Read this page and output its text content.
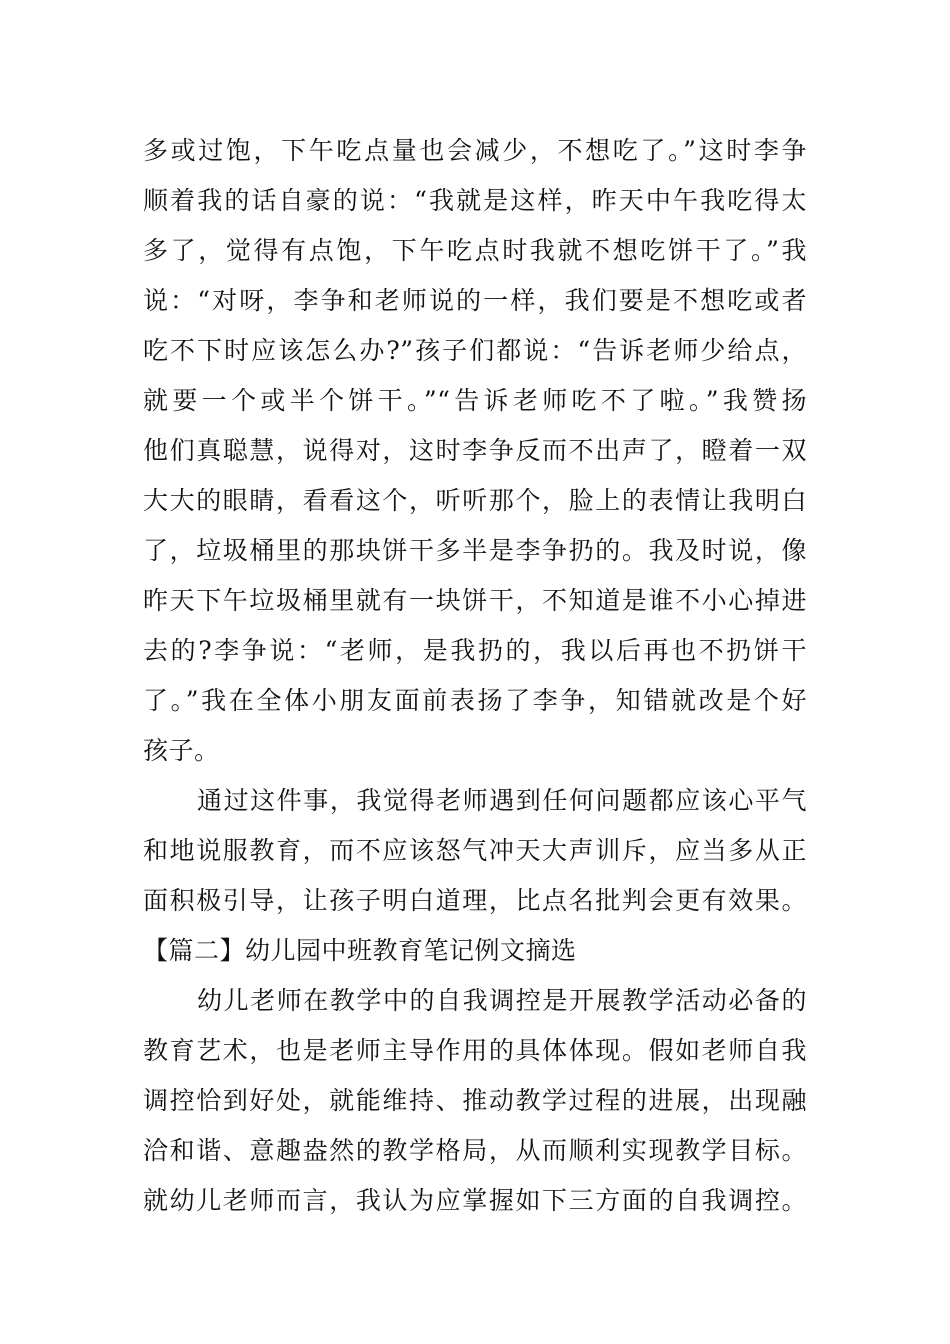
多或过饱，下午吃点量也会减少，不想吃了。”这时李争
顺着我的话自豪的说：“我就是这样，昨天中午我吃得太
多了，觉得有点饱，下午吃点时我就不想吃饼干了。”我
说：“对呀，李争和老师说的一样，我们要是不想吃或者
吃不下时应该怎么办?”孩子们都说：“告诉老师少给点，
就要一个或半个饼干。”“告诉老师吃不了啦。”我赞扬
他们真聪慧，说得对，这时李争反而不出声了，瞪着一双
大大的眼睛，看看这个，听听那个，脸上的表情让我明白
了，垃圾桶里的那块饼干多半是李争扔的。我及时说，像
昨天下午垃圾桶里就有一块饼干，不知道是谁不小心掉进
去的?李争说：“老师，是我扔的，我以后再也不扔饼干
了。”我在全体小朋友面前表扬了李争，知错就改是个好
孩子。
通过这件事，我觉得老师遇到任何问题都应该心平气
和地说服教育，而不应该怒气冲天大声训斥，应当多从正
面积极引导，让孩子明白道理，比点名批判会更有效果。
【篇二】幼儿园中班教育笔记例文摘选
幼儿老师在教学中的自我调控是开展教学活动必备的
教育艺术，也是老师主导作用的具体体现。假如老师自我
调控恰到好处，就能维持、推动教学过程的进展，出现融
洽和谐、意趣盎然的教学格局，从而顺利实现教学目标。
就幼儿老师而言，我认为应掌握如下三方面的自我调控。
